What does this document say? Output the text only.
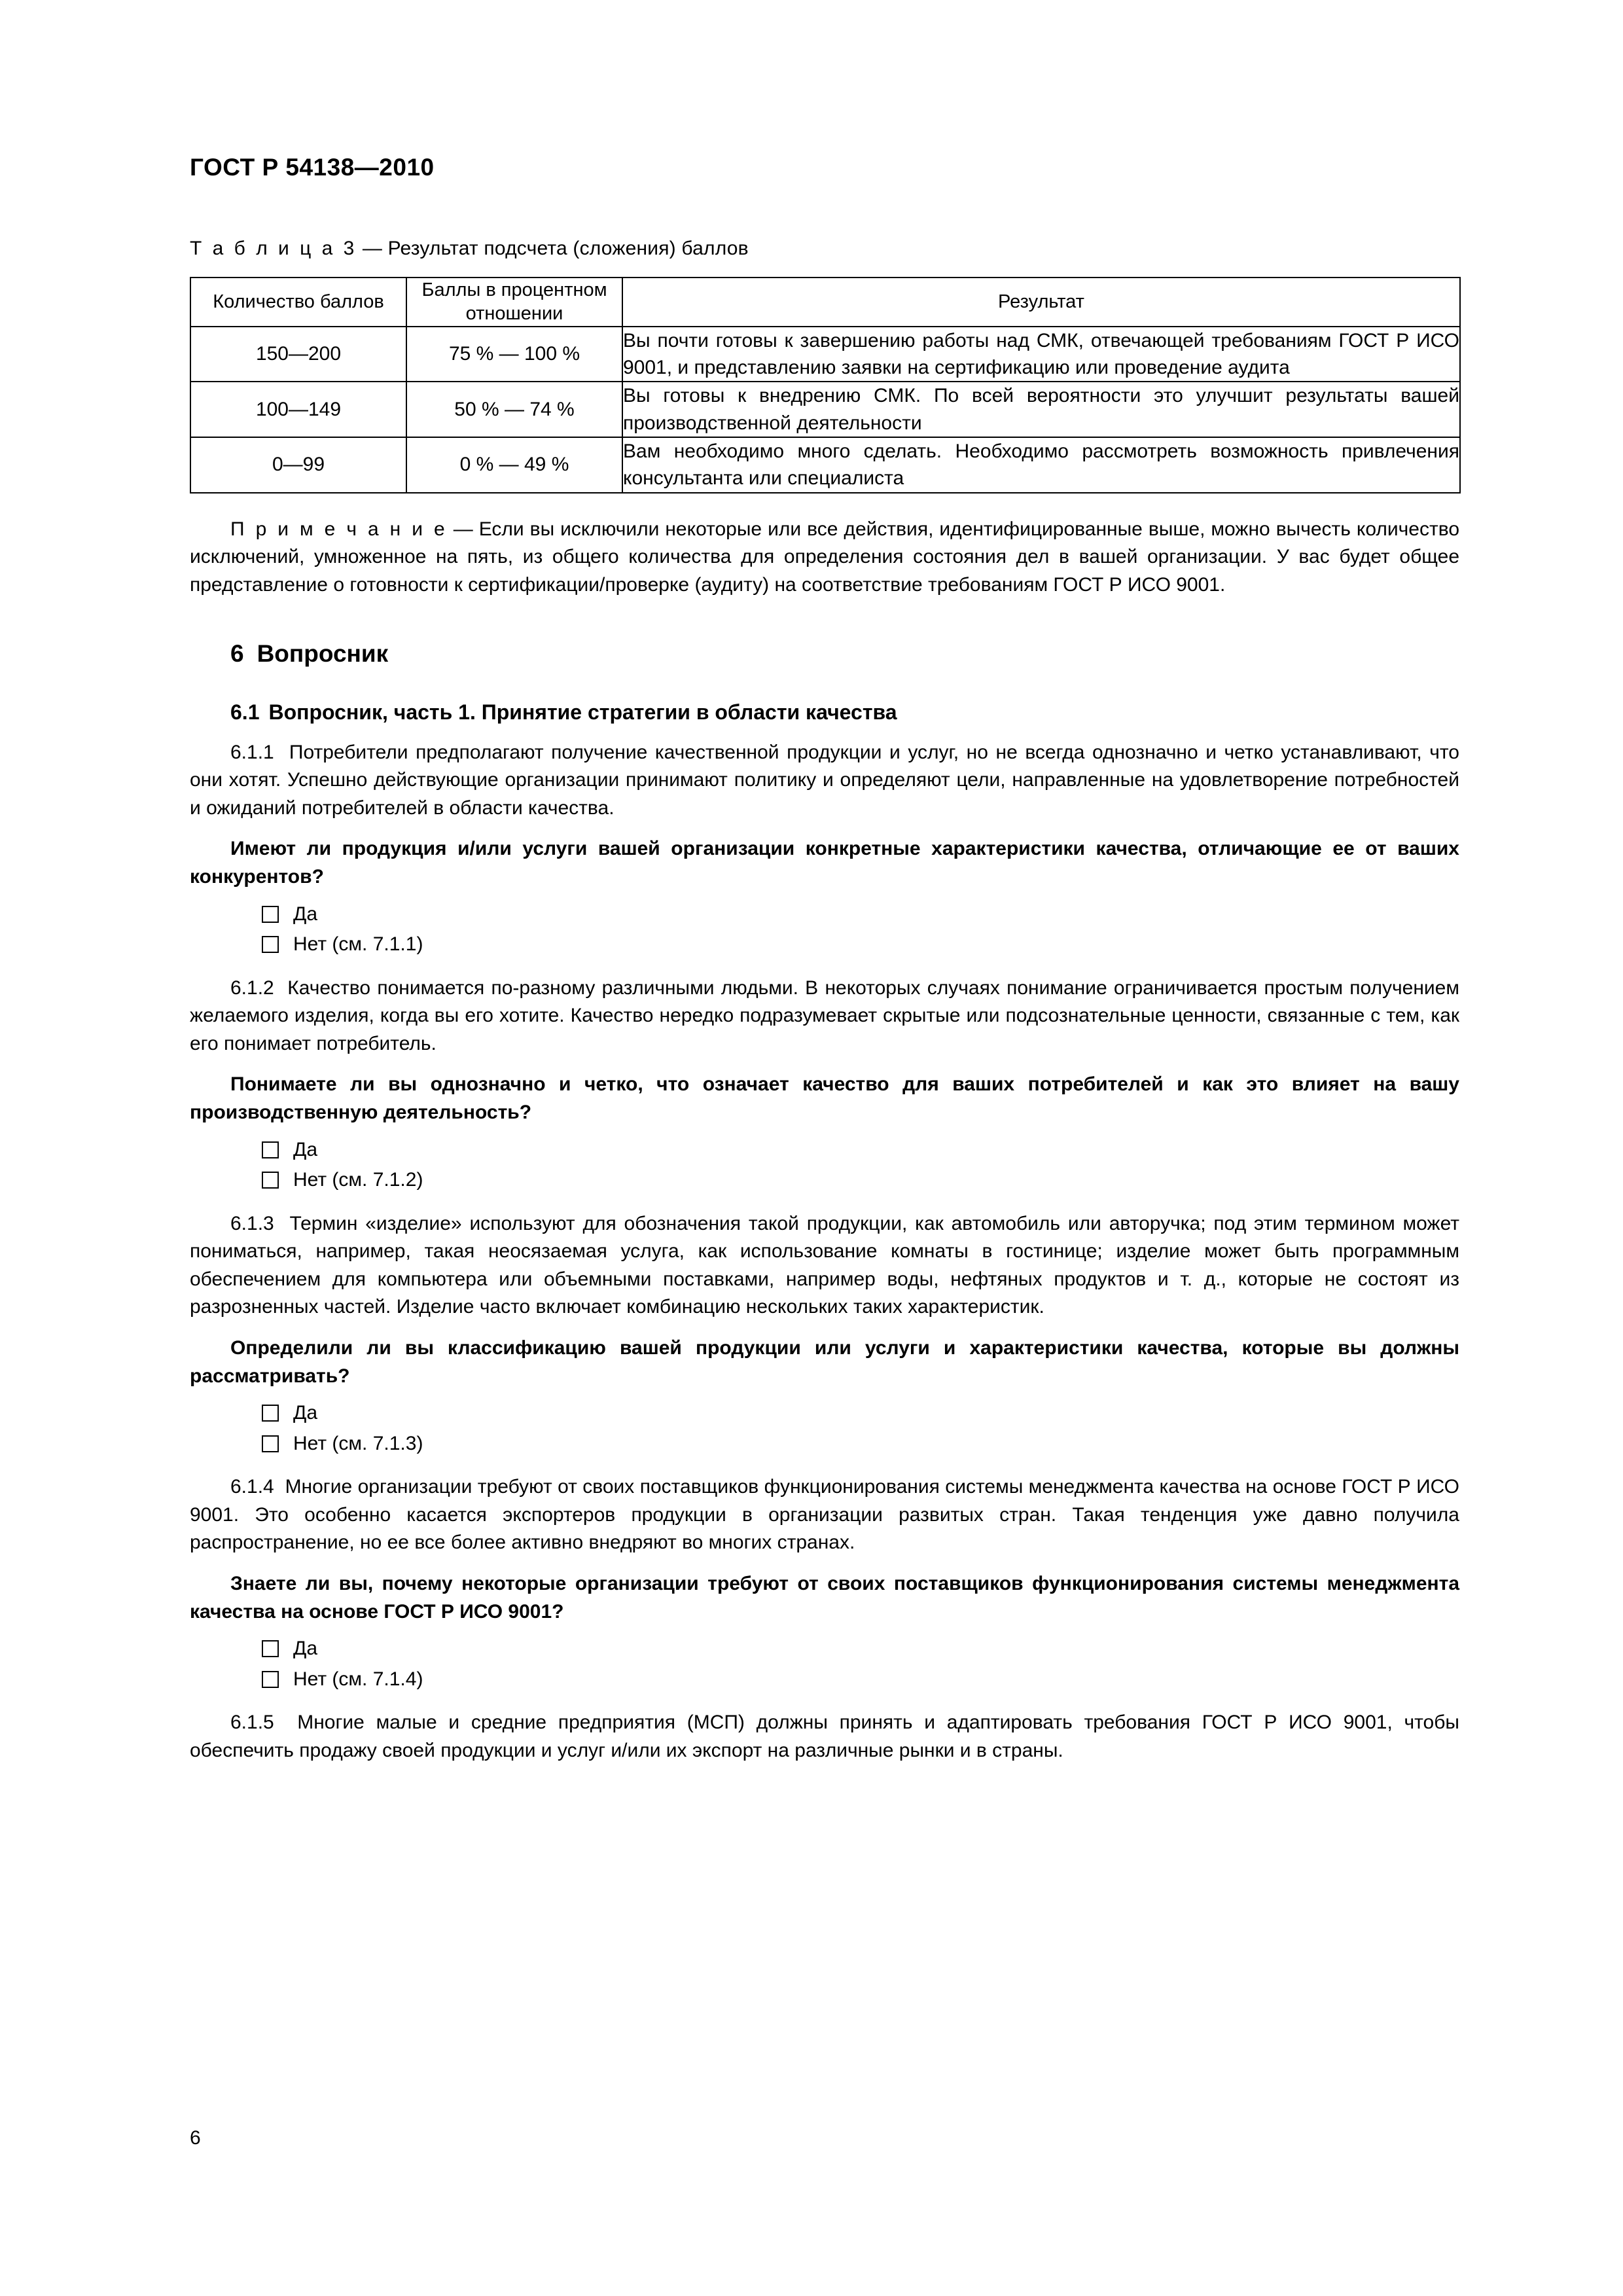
ГОСТ Р 54138—2010
Т а б л и ц а 3 — Результат подсчета (сложения) баллов
Количество баллов	Баллы в процентном отношении	Результат
150—200	75 % — 100 %	Вы почти готовы к завершению работы над СМК, отвечающей требованиям ГОСТ Р ИСО 9001, и представлению заявки на сертификацию или проведение аудита
100—149	50 % — 74 %	Вы готовы к внедрению СМК. По всей вероятности это улучшит результаты вашей производственной деятельности
0—99	0 % — 49 %	Вам необходимо много сделать. Необходимо рассмотреть возможность привлечения консультанта или специалиста

П р и м е ч а н и е — Если вы исключили некоторые или все действия, идентифицированные выше, можно вычесть количество исключений, умноженное на пять, из общего количества для определения состояния дел в вашей организации. У вас будет общее представление о готовности к сертификации/проверке (аудиту) на соответствие требованиям ГОСТ Р ИСО 9001.

6 Вопросник
6.1 Вопросник, часть 1. Принятие стратегии в области качества

6.1.1 Потребители предполагают получение качественной продукции и услуг, но не всегда однозначно и четко устанавливают, что они хотят. Успешно действующие организации принимают политику и определяют цели, направленные на удовлетворение потребностей и ожиданий потребителей в области качества.

Имеют ли продукция и/или услуги вашей организации конкретные характеристики качества, отличающие ее от ваших конкурентов?

Да
Нет (см. 7.1.1)

6.1.2 Качество понимается по-разному различными людьми. В некоторых случаях понимание ограничивается простым получением желаемого изделия, когда вы его хотите. Качество нередко подразумевает скрытые или подсознательные ценности, связанные с тем, как его понимает потребитель.

Понимаете ли вы однозначно и четко, что означает качество для ваших потребителей и как это влияет на вашу производственную деятельность?

Да
Нет (см. 7.1.2)

6.1.3 Термин «изделие» используют для обозначения такой продукции, как автомобиль или авторучка; под этим термином может пониматься, например, такая неосязаемая услуга, как использование комнаты в гостинице; изделие может быть программным обеспечением для компьютера или объемными поставками, например воды, нефтяных продуктов и т. д., которые не состоят из разрозненных частей. Изделие часто включает комбинацию нескольких таких характеристик.

Определили ли вы классификацию вашей продукции или услуги и характеристики качества, которые вы должны рассматривать?

Да
Нет (см. 7.1.3)

6.1.4 Многие организации требуют от своих поставщиков функционирования системы менеджмента качества на основе ГОСТ Р ИСО 9001. Это особенно касается экспортеров продукции в организации развитых стран. Такая тенденция уже давно получила распространение, но ее все более активно внедряют во многих странах.

Знаете ли вы, почему некоторые организации требуют от своих поставщиков функционирования системы менеджмента качества на основе ГОСТ Р ИСО 9001?

Да
Нет (см. 7.1.4)

6.1.5 Многие малые и средние предприятия (МСП) должны принять и адаптировать требования ГОСТ Р ИСО 9001, чтобы обеспечить продажу своей продукции и услуг и/или их экспорт на различные рынки и в страны.

6
